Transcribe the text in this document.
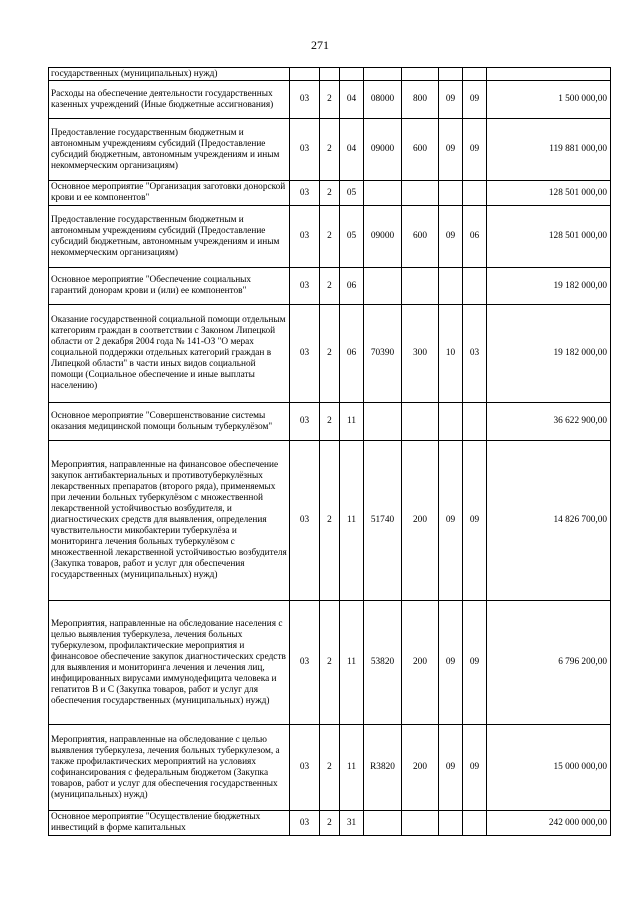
271
государственных (муниципальных) нужд)								
Расходы на обеспечение деятельности государственных казенных учреждений (Иные бюджетные ассигнования)	03	2	04	08000	800	09	09	1 500 000,00
Предоставление государственным бюджетным и автономным учреждениям субсидий (Предоставление субсидий бюджетным, автономным учреждениям и иным некоммерческим организациям)	03	2	04	09000	600	09	09	119 881 000,00
Основное мероприятие "Организация заготовки донорской крови и ее компонентов"	03	2	05					128 501 000,00
Предоставление государственным бюджетным и автономным учреждениям субсидий (Предоставление субсидий бюджетным, автономным учреждениям и иным некоммерческим организациям)	03	2	05	09000	600	09	06	128 501 000,00
Основное мероприятие "Обеспечение социальных гарантий донорам крови и (или) ее компонентов"	03	2	06					19 182 000,00
Оказание государственной социальной помощи отдельным категориям граждан в соответствии с Законом Липецкой области от 2 декабря 2004 года № 141-ОЗ "О мерах социальной поддержки отдельных категорий граждан в Липецкой области" в части иных видов социальной помощи (Социальное обеспечение и иные выплаты населению)	03	2	06	70390	300	10	03	19 182 000,00
Основное мероприятие "Совершенствование системы оказания медицинской помощи больным туберкулёзом"	03	2	11					36 622 900,00
Мероприятия, направленные на финансовое обеспечение закупок антибактериальных и противотуберкулёзных лекарственных препаратов (второго ряда), применяемых при лечении больных туберкулёзом с множественной лекарственной устойчивостью возбудителя, и диагностических средств для выявления, определения чувствительности микобактерии туберкулёза и мониторинга лечения больных туберкулёзом с множественной лекарственной устойчивостью возбудителя (Закупка товаров, работ и услуг для обеспечения государственных (муниципальных) нужд)	03	2	11	51740	200	09	09	14 826 700,00
Мероприятия, направленные на обследование населения с целью выявления туберкулеза, лечения больных туберкулезом, профилактические мероприятия и финансовое обеспечение закупок диагностических средств для выявления и мониторинга лечения и лечения лиц, инфицированных вирусами иммунодефицита человека и гепатитов В и С (Закупка товаров, работ и услуг для обеспечения государственных (муниципальных) нужд)	03	2	11	53820	200	09	09	6 796 200,00
Мероприятия, направленные на обследование с целью выявления туберкулеза, лечения больных туберкулезом, а также профилактических мероприятий на условиях софинансирования с федеральным бюджетом (Закупка товаров, работ и услуг для обеспечения государственных (муниципальных) нужд)	03	2	11	R3820	200	09	09	15 000 000,00
Основное мероприятие "Осуществление бюджетных инвестиций в форме капитальных	03	2	31					242 000 000,00
